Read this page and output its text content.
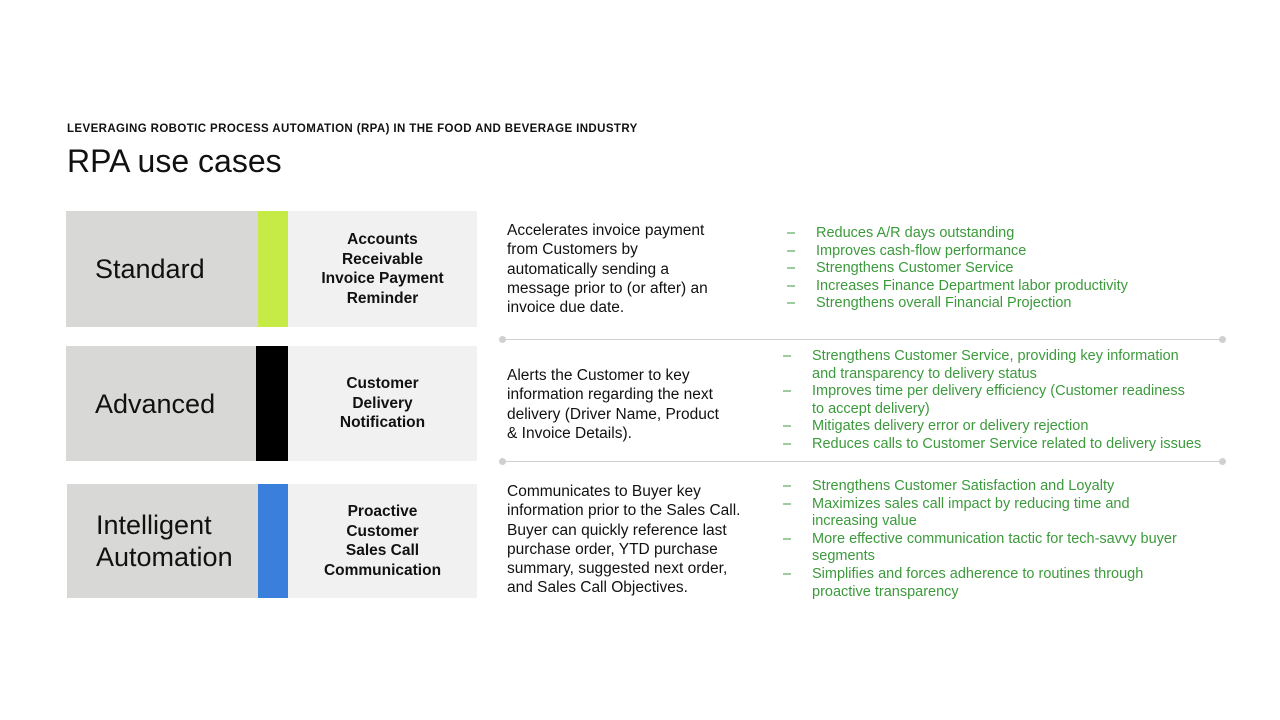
LEVERAGING ROBOTIC PROCESS AUTOMATION (RPA) IN THE FOOD AND BEVERAGE INDUSTRY
RPA use cases
Standard
Accounts
Receivable
Invoice Payment
Reminder
Accelerates invoice payment
from Customers by
automatically sending a
message prior to (or after) an
invoice due date.
– Reduces A/R days outstanding
– Improves cash-flow performance
– Strengthens Customer Service
– Increases Finance Department labor productivity
– Strengthens overall Financial Projection
Advanced
Customer
Delivery
Notification
Alerts the Customer to key
information regarding the next
delivery (Driver Name, Product
& Invoice Details).
– Strengthens Customer Service, providing key information
and transparency to delivery status
– Improves time per delivery efficiency (Customer readiness
to accept delivery)
– Mitigates delivery error or delivery rejection
– Reduces calls to Customer Service related to delivery issues
Intelligent
Automation
Proactive
Customer
Sales Call
Communication
Communicates to Buyer key
information prior to the Sales Call.
Buyer can quickly reference last
purchase order, YTD purchase
summary, suggested next order,
and Sales Call Objectives.
– Strengthens Customer Satisfaction and Loyalty
– Maximizes sales call impact by reducing time and
increasing value
– More effective communication tactic for tech-savvy buyer
segments
– Simplifies and forces adherence to routines through
proactive transparency
